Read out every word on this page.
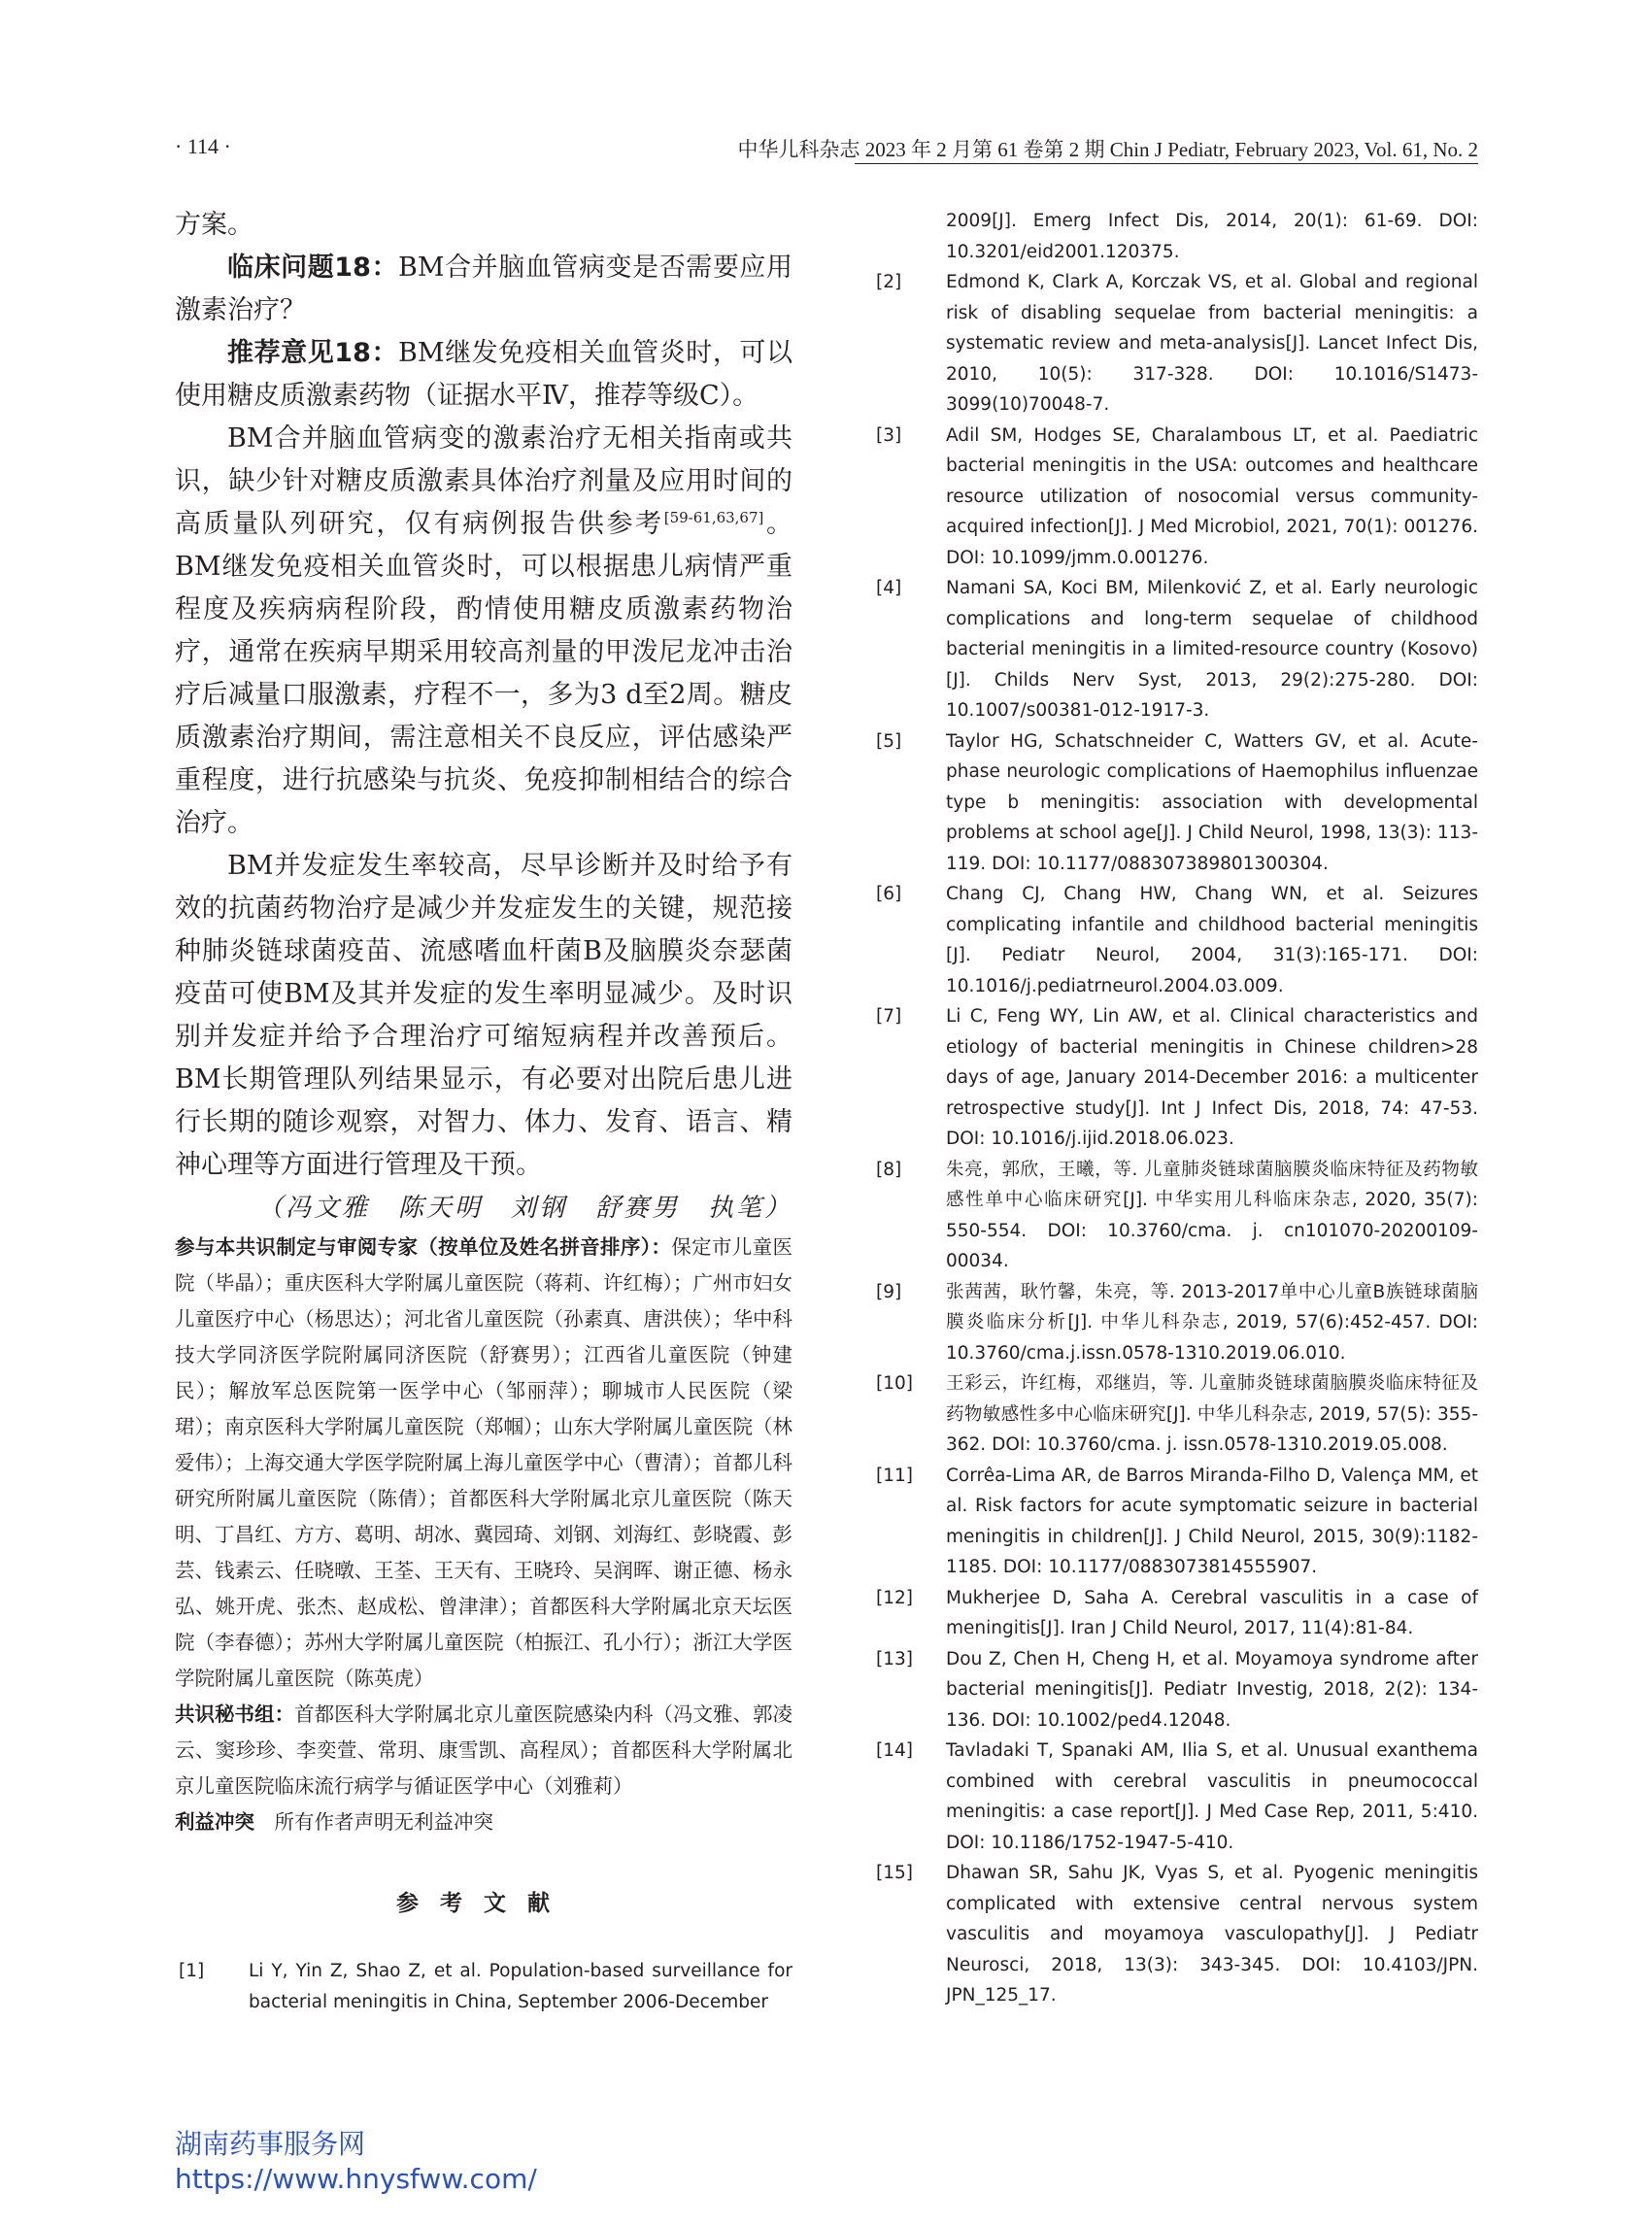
· 114 ·	中华儿科杂志 2023 年 2 月第 61 卷第 2 期 Chin J Pediatr, February 2023, Vol. 61, No. 2

方案。

临床问题18：BM合并脑血管病变是否需要应用激素治疗？

推荐意见18：BM继发免疫相关血管炎时，可以使用糖皮质激素药物（证据水平Ⅳ，推荐等级C）。

BM合并脑血管病变的激素治疗无相关指南或共识，缺少针对糖皮质激素具体治疗剂量及应用时间的高质量队列研究，仅有病例报告供参考[59-61,63,67]。BM继发免疫相关血管炎时，可以根据患儿病情严重程度及疾病病程阶段，酌情使用糖皮质激素药物治疗，通常在疾病早期采用较高剂量的甲泼尼龙冲击治疗后减量口服激素，疗程不一，多为3 d至2周。糖皮质激素治疗期间，需注意相关不良反应，评估感染严重程度，进行抗感染与抗炎、免疫抑制相结合的综合治疗。

BM并发症发生率较高，尽早诊断并及时给予有效的抗菌药物治疗是减少并发症发生的关键，规范接种肺炎链球菌疫苗、流感嗜血杆菌B及脑膜炎奈瑟菌疫苗可使BM及其并发症的发生率明显减少。及时识别并发症并给予合理治疗可缩短病程并改善预后。BM长期管理队列结果显示，有必要对出院后患儿进行长期的随诊观察，对智力、体力、发育、语言、精神心理等方面进行管理及干预。

（冯文雅　陈天明　刘钢　舒赛男　执笔）

参与本共识制定与审阅专家（按单位及姓名拼音排序）：保定市儿童医院（毕晶）；重庆医科大学附属儿童医院（蒋莉、许红梅）；广州市妇女儿童医疗中心（杨思达）；河北省儿童医院（孙素真、唐洪侠）；华中科技大学同济医学院附属同济医院（舒赛男）；江西省儿童医院（钟建民）；解放军总医院第一医学中心（邹丽萍）；聊城市人民医院（梁珺）；南京医科大学附属儿童医院（郑帼）；山东大学附属儿童医院（林爱伟）；上海交通大学医学院附属上海儿童医学中心（曹清）；首都儿科研究所附属儿童医院（陈倩）；首都医科大学附属北京儿童医院（陈天明、丁昌红、方方、葛明、胡冰、冀园琦、刘钢、刘海红、彭晓霞、彭芸、钱素云、任晓暾、王荃、王天有、王晓玲、吴润晖、谢正德、杨永弘、姚开虎、张杰、赵成松、曾津津）；首都医科大学附属北京天坛医院（李春德）；苏州大学附属儿童医院（柏振江、孔小行）；浙江大学医学院附属儿童医院（陈英虎）

共识秘书组：首都医科大学附属北京儿童医院感染内科（冯文雅、郭凌云、窦珍珍、李奕萱、常玥、康雪凯、高程凤）；首都医科大学附属北京儿童医院临床流行病学与循证医学中心（刘雅莉）

利益冲突　 所有作者声明无利益冲突

参考文献
[1] Li Y, Yin Z, Shao Z, et al. Population-based surveillance for bacterial meningitis in China, September 2006-December
2009[J]. Emerg Infect Dis, 2014, 20(1): 61-69. DOI: 10.3201/eid2001.120375.
[2] Edmond K, Clark A, Korczak VS, et al. Global and regional risk of disabling sequelae from bacterial meningitis: a systematic review and meta-analysis[J]. Lancet Infect Dis, 2010, 10(5): 317-328. DOI: 10.1016/S1473-3099(10)70048-7.
[3] Adil SM, Hodges SE, Charalambous LT, et al. Paediatric bacterial meningitis in the USA: outcomes and healthcare resource utilization of nosocomial versus community-acquired infection[J]. J Med Microbiol, 2021, 70(1): 001276. DOI: 10.1099/jmm.0.001276.
[4] Namani SA, Koci BM, Milenković Z, et al. Early neurologic complications and long-term sequelae of childhood bacterial meningitis in a limited-resource country (Kosovo)[J]. Childs Nerv Syst, 2013, 29(2):275-280. DOI: 10.1007/s00381-012-1917-3.
[5] Taylor HG, Schatschneider C, Watters GV, et al. Acute-phase neurologic complications of Haemophilus influenzae type b meningitis: association with developmental problems at school age[J]. J Child Neurol, 1998, 13(3): 113-119. DOI: 10.1177/088307389801300304.
[6] Chang CJ, Chang HW, Chang WN, et al. Seizures complicating infantile and childhood bacterial meningitis [J]. Pediatr Neurol, 2004, 31(3):165-171. DOI: 10.1016/j.pediatrneurol.2004.03.009.
[7] Li C, Feng WY, Lin AW, et al. Clinical characteristics and etiology of bacterial meningitis in Chinese children>28 days of age, January 2014-December 2016: a multicenter retrospective study[J]. Int J Infect Dis, 2018, 74: 47-53. DOI: 10.1016/j.ijid.2018.06.023.
[8] 朱亮，郭欣，王曦，等. 儿童肺炎链球菌脑膜炎临床特征及药物敏感性单中心临床研究[J]. 中华实用儿科临床杂志, 2020, 35(7): 550-554. DOI: 10.3760/cma. j. cn101070-20200109-00034.
[9] 张茜茜，耿竹馨，朱亮，等. 2013-2017单中心儿童B族链球菌脑膜炎临床分析[J]. 中华儿科杂志, 2019, 57(6):452-457. DOI: 10.3760/cma.j.issn.0578-1310.2019.06.010.
[10] 王彩云，许红梅，邓继岿，等. 儿童肺炎链球菌脑膜炎临床特征及药物敏感性多中心临床研究[J]. 中华儿科杂志, 2019, 57(5): 355-362. DOI: 10.3760/cma. j. issn.0578-1310.2019.05.008.
[11] Corrêa-Lima AR, de Barros Miranda-Filho D, Valença MM, et al. Risk factors for acute symptomatic seizure in bacterial meningitis in children[J]. J Child Neurol, 2015, 30(9):1182-1185. DOI: 10.1177/0883073814555907.
[12] Mukherjee D, Saha A. Cerebral vasculitis in a case of meningitis[J]. Iran J Child Neurol, 2017, 11(4):81-84.
[13] Dou Z, Chen H, Cheng H, et al. Moyamoya syndrome after bacterial meningitis[J]. Pediatr Investig, 2018, 2(2): 134-136. DOI: 10.1002/ped4.12048.
[14] Tavladaki T, Spanaki AM, Ilia S, et al. Unusual exanthema combined with cerebral vasculitis in pneumococcal meningitis: a case report[J]. J Med Case Rep, 2011, 5:410. DOI: 10.1186/1752-1947-5-410.
[15] Dhawan SR, Sahu JK, Vyas S, et al. Pyogenic meningitis complicated with extensive central nervous system vasculitis and moyamoya vasculopathy[J]. J Pediatr Neurosci, 2018, 13(3): 343-345. DOI: 10.4103/JPN. JPN_125_17.
湖南药事服务网
https://www.hnysfww.com/
